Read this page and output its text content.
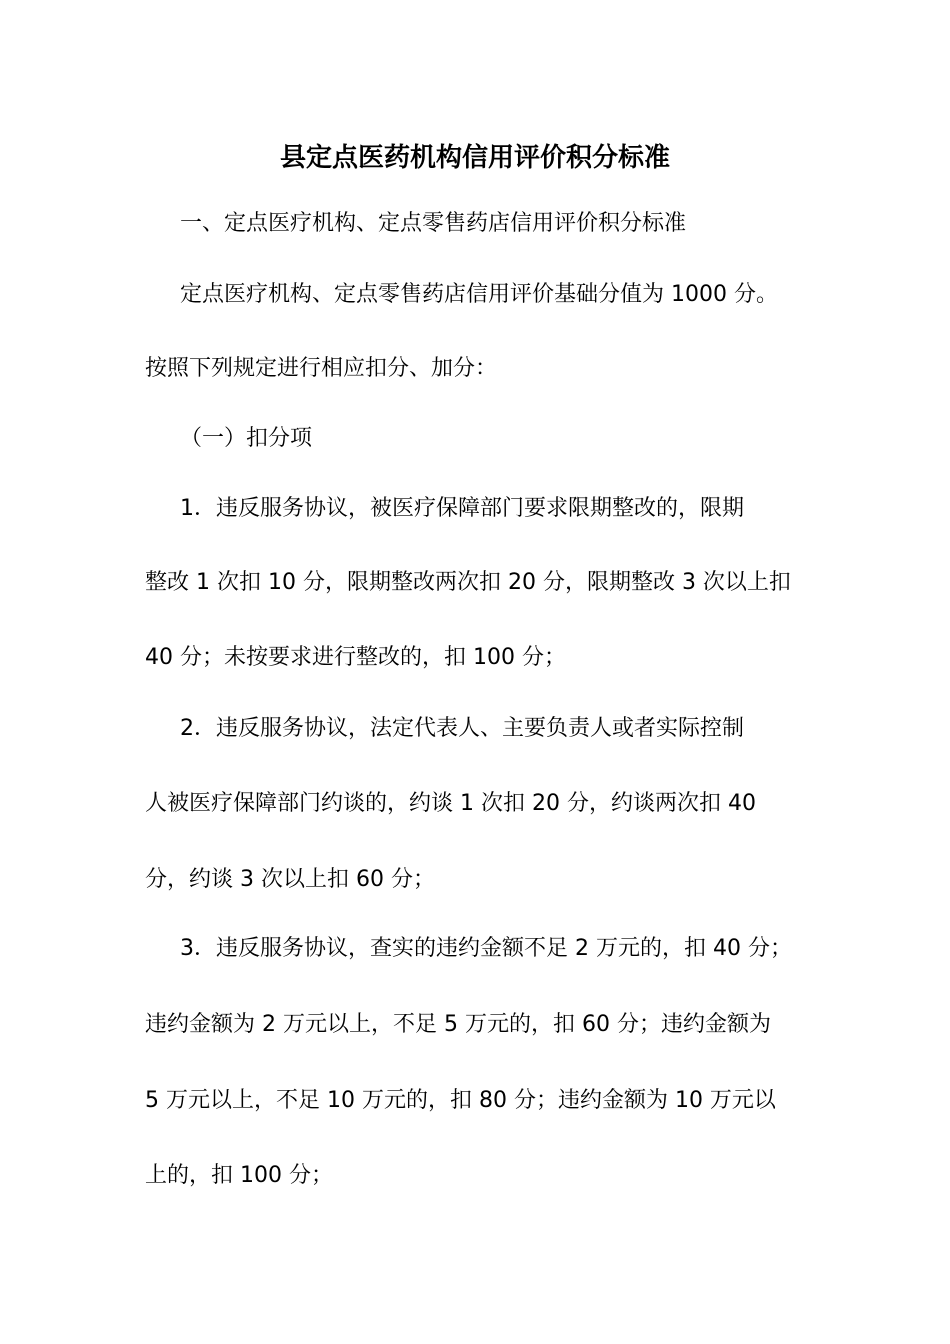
县定点医药机构信用评价积分标准
一、定点医疗机构、定点零售药店信用评价积分标准
定点医疗机构、定点零售药店信用评价基础分值为 1000 分。
按照下列规定进行相应扣分、加分：
（一）扣分项
1．违反服务协议，被医疗保障部门要求限期整改的，限期
整改 1 次扣 10 分，限期整改两次扣 20 分，限期整改 3 次以上扣
40 分；未按要求进行整改的，扣 100 分；
2．违反服务协议，法定代表人、主要负责人或者实际控制
人被医疗保障部门约谈的，约谈 1 次扣 20 分，约谈两次扣 40
分，约谈 3 次以上扣 60 分；
3．违反服务协议，查实的违约金额不足 2 万元的，扣 40 分；
违约金额为 2 万元以上，不足 5 万元的，扣 60 分；违约金额为
5 万元以上，不足 10 万元的，扣 80 分；违约金额为 10 万元以
上的，扣 100 分；
